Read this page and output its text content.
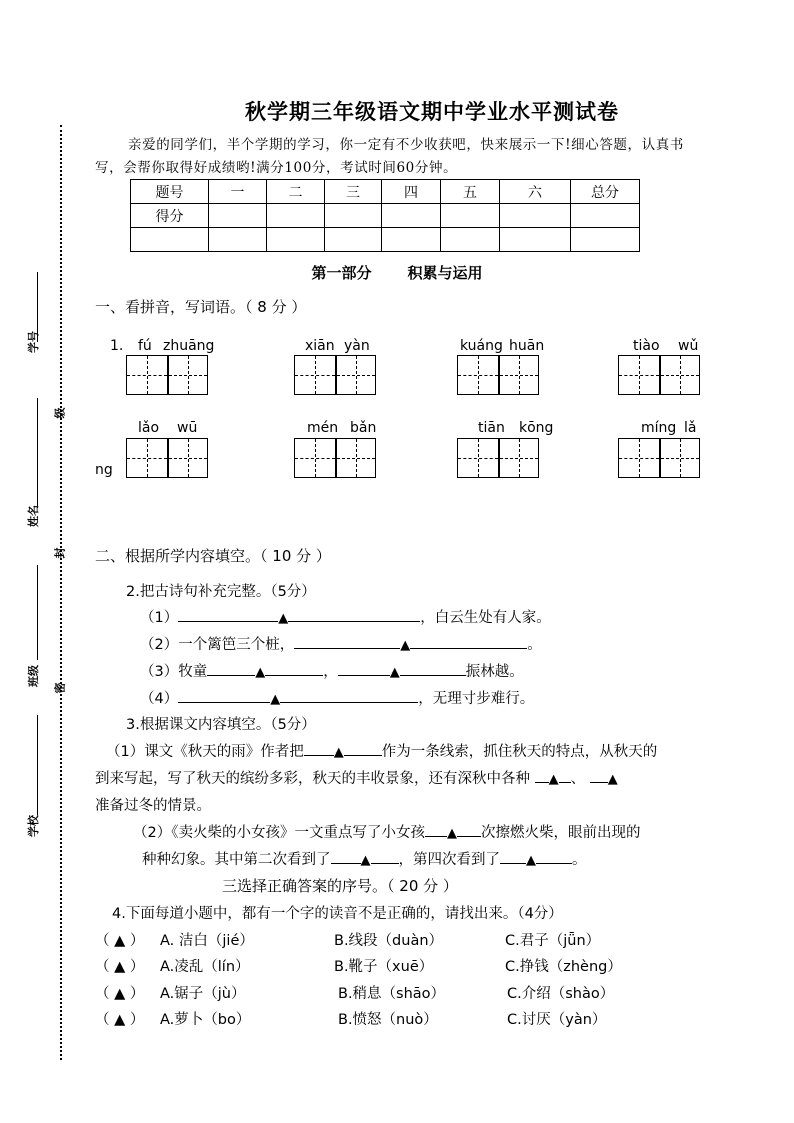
学号
级
姓名
封
班级
密
学校
秋学期三年级语文期中学业水平测试卷
亲爱的同学们，半个学期的学习，你一定有不少收获吧，快来展示一下!细心答题，认真书写，会帮你取得好成绩哟!满分100分，考试时间60分钟。
题号	一	二	三	四	五	六	总分
得分							

第一部分 积累与运用
一、看拼音，写词语。（ 8 分 ）
1. fú zhuāng	xiān yàn	kuáng huān	tiào wǔ
lǎo wū	mén bǎn	tiān kōng	míng lǎ
ng
二、根据所学内容填空。（ 10 分 ）
2.把古诗句补充完整。（5分）
（1）	▲	，白云生处有人家。
（2）一个篱笆三个桩，	▲	。
（3）牧童	▲	，	▲	振林越。
（4）	▲	，无理寸步难行。
3.根据课文内容填空。（5分）
（1）课文《秋天的雨》作者把 ▲	作为一条线索，抓住秋天的特点，从秋天的
到来写起，写了秋天的缤纷多彩，秋天的丰收景象，还有深秋中各种 ▲ 、 ▲
准备过冬的情景。
（2）《卖火柴的小女孩》一文重点写了小女孩 ▲ 次擦燃火柴，眼前出现的
种种幻象。其中第二次看到了 ▲ ，第四次看到了 ▲ 。
三选择正确答案的序号。（ 20 分 ）
4.下面每道小题中，都有一个字的读音不是正确的，请找出来。（4分）
（ ▲ ） A. 洁白（jié）	B.线段（duàn）	C.君子（jǖn）
（ ▲ ） A.凌乱（lín）	B.靴子（xuē）	C.挣钱（zhèng）
（ ▲ ） A.锯子（jù）	B.稍息（shāo）	C.介绍（shào）
（ ▲ ） A.萝卜（bo）	B.愤怒（nuò）	C.讨厌（yàn）
